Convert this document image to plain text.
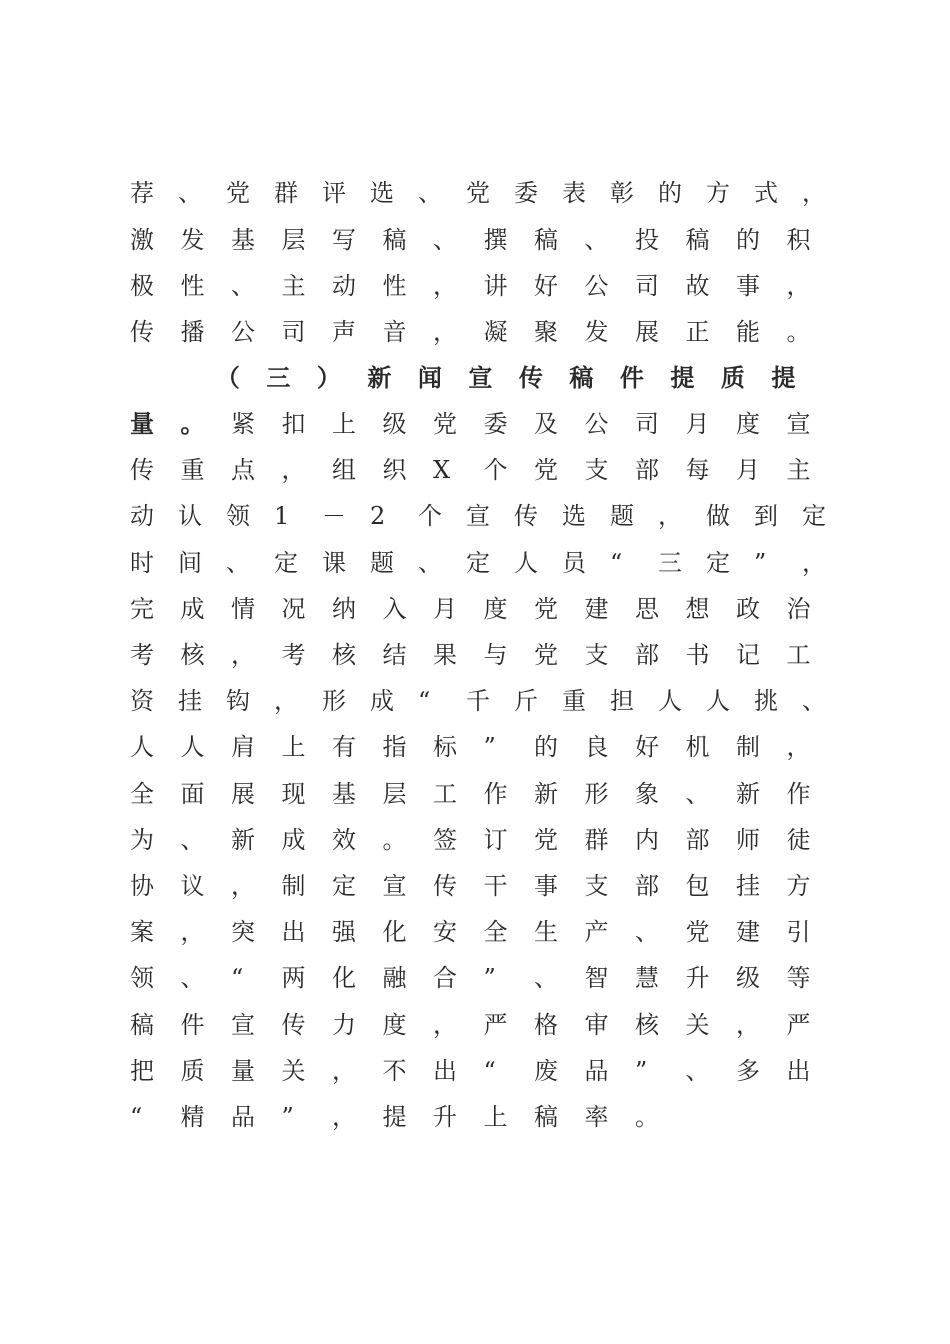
荐	、	党	群	评	选	、	党	委	表	彰	的	方	式	，
激	发	基	层	写	稿	、	撰	稿	、	投	稿	的	积
极	性	、	主	动	性	，	讲	好	公	司	故	事	，
传	播	公	司	声	音	，	凝	聚	发	展	正	能	。
（	三	）	新	闻	宣	传	稿	件	提	质	提
量	。	紧	扣	上	级	党	委	及	公	司	月	度	宣
传	重	点	，	组	织	X	个	党	支	部	每	月	主
动	认	领	1	－	2	个	宣	传	选	题	，	做	到	定
时	间	、	定	课	题	、	定	人	员	“	三	定	”	，
完	成	情	况	纳	入	月	度	党	建	思	想	政	治
考	核	，	考	核	结	果	与	党	支	部	书	记	工
资	挂	钩	，	形	成	“	千	斤	重	担	人	人	挑	、
人	人	肩	上	有	指	标	”	的	良	好	机	制	，
全	面	展	现	基	层	工	作	新	形	象	、	新	作
为	、	新	成	效	。	签	订	党	群	内	部	师	徒
协	议	，	制	定	宣	传	干	事	支	部	包	挂	方
案	，	突	出	强	化	安	全	生	产	、	党	建	引
领	、	“	两	化	融	合	”	、	智	慧	升	级	等
稿	件	宣	传	力	度	，	严	格	审	核	关	，	严
把	质	量	关	，	不	出	“	废	品	”	、	多	出
“	精	品	”	，	提	升	上	稿	率	。
